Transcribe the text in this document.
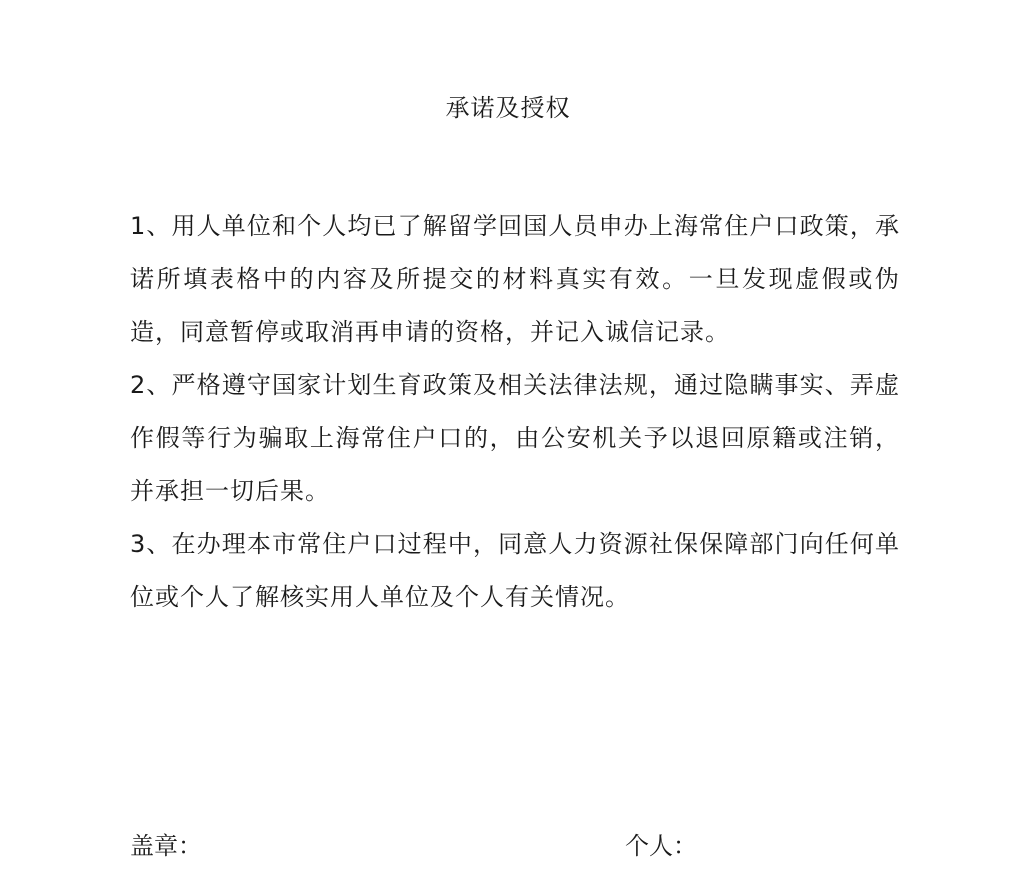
承诺及授权

1、用人单位和个人均已了解留学回国人员申办上海常住户口政策，承诺所填表格中的内容及所提交的材料真实有效。一旦发现虚假或伪造，同意暂停或取消再申请的资格，并记入诚信记录。

2、严格遵守国家计划生育政策及相关法律法规，通过隐瞒事实、弄虚作假等行为骗取上海常住户口的，由公安机关予以退回原籍或注销，并承担一切后果。

3、在办理本市常住户口过程中，同意人力资源社保保障部门向任何单位或个人了解核实用人单位及个人有关情况。

盖章：	个人：
